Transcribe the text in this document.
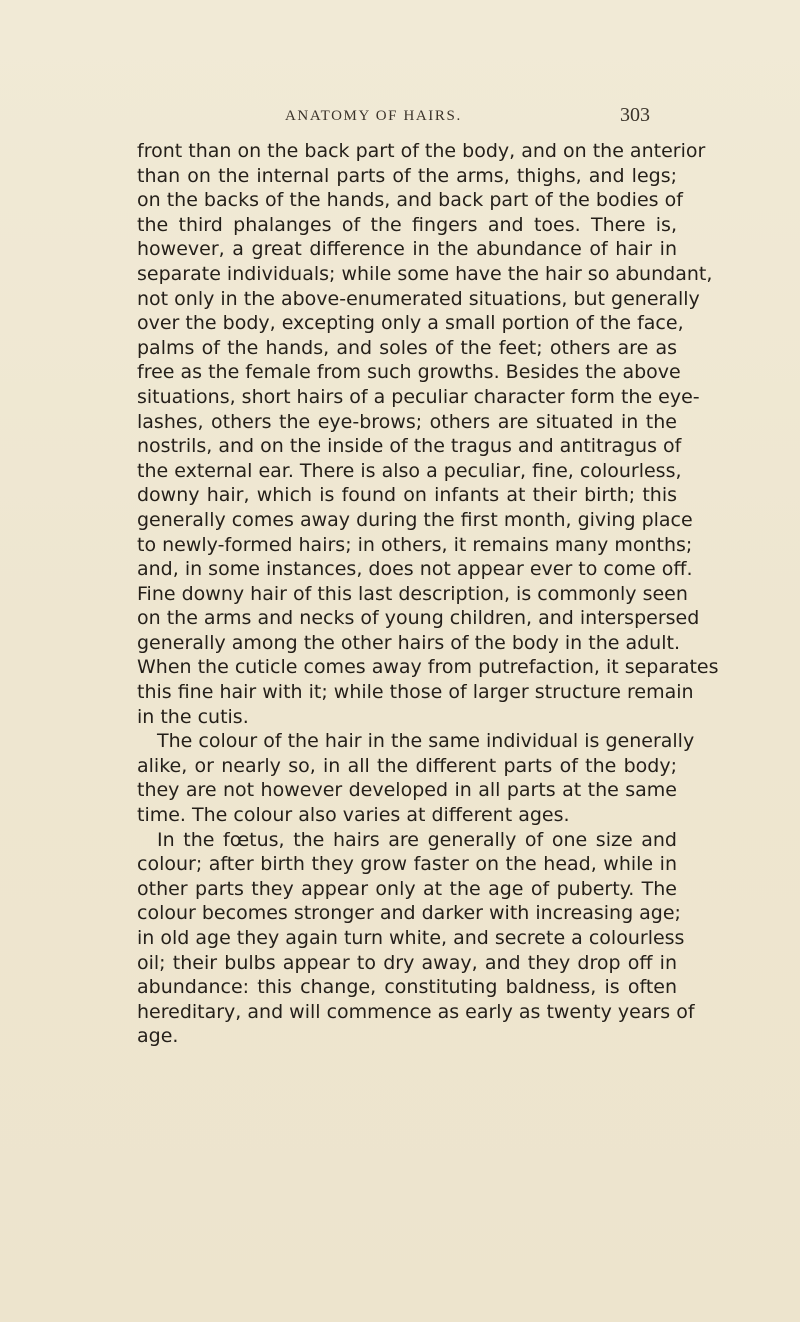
ANATOMY OF HAIRS.	303
front than on the back part of the body, and on the anterior
than on the internal parts of the arms, thighs, and legs;
on the backs of the hands, and back part of the bodies of
the third phalanges of the fingers and toes. There is,
however, a great difference in the abundance of hair in
separate individuals; while some have the hair so abundant,
not only in the above-enumerated situations, but generally
over the body, excepting only a small portion of the face,
palms of the hands, and soles of the feet; others are as
free as the female from such growths. Besides the above
situations, short hairs of a peculiar character form the eye-
lashes, others the eye-brows; others are situated in the
nostrils, and on the inside of the tragus and antitragus of
the external ear. There is also a peculiar, fine, colourless,
downy hair, which is found on infants at their birth; this
generally comes away during the first month, giving place
to newly-formed hairs; in others, it remains many months;
and, in some instances, does not appear ever to come off.
Fine downy hair of this last description, is commonly seen
on the arms and necks of young children, and interspersed
generally among the other hairs of the body in the adult.
When the cuticle comes away from putrefaction, it separates
this fine hair with it; while those of larger structure remain
in the cutis.
The colour of the hair in the same individual is generally
alike, or nearly so, in all the different parts of the body;
they are not however developed in all parts at the same
time. The colour also varies at different ages.
In the fœtus, the hairs are generally of one size and
colour; after birth they grow faster on the head, while in
other parts they appear only at the age of puberty. The
colour becomes stronger and darker with increasing age;
in old age they again turn white, and secrete a colourless
oil; their bulbs appear to dry away, and they drop off in
abundance: this change, constituting baldness, is often
hereditary, and will commence as early as twenty years of
age.
